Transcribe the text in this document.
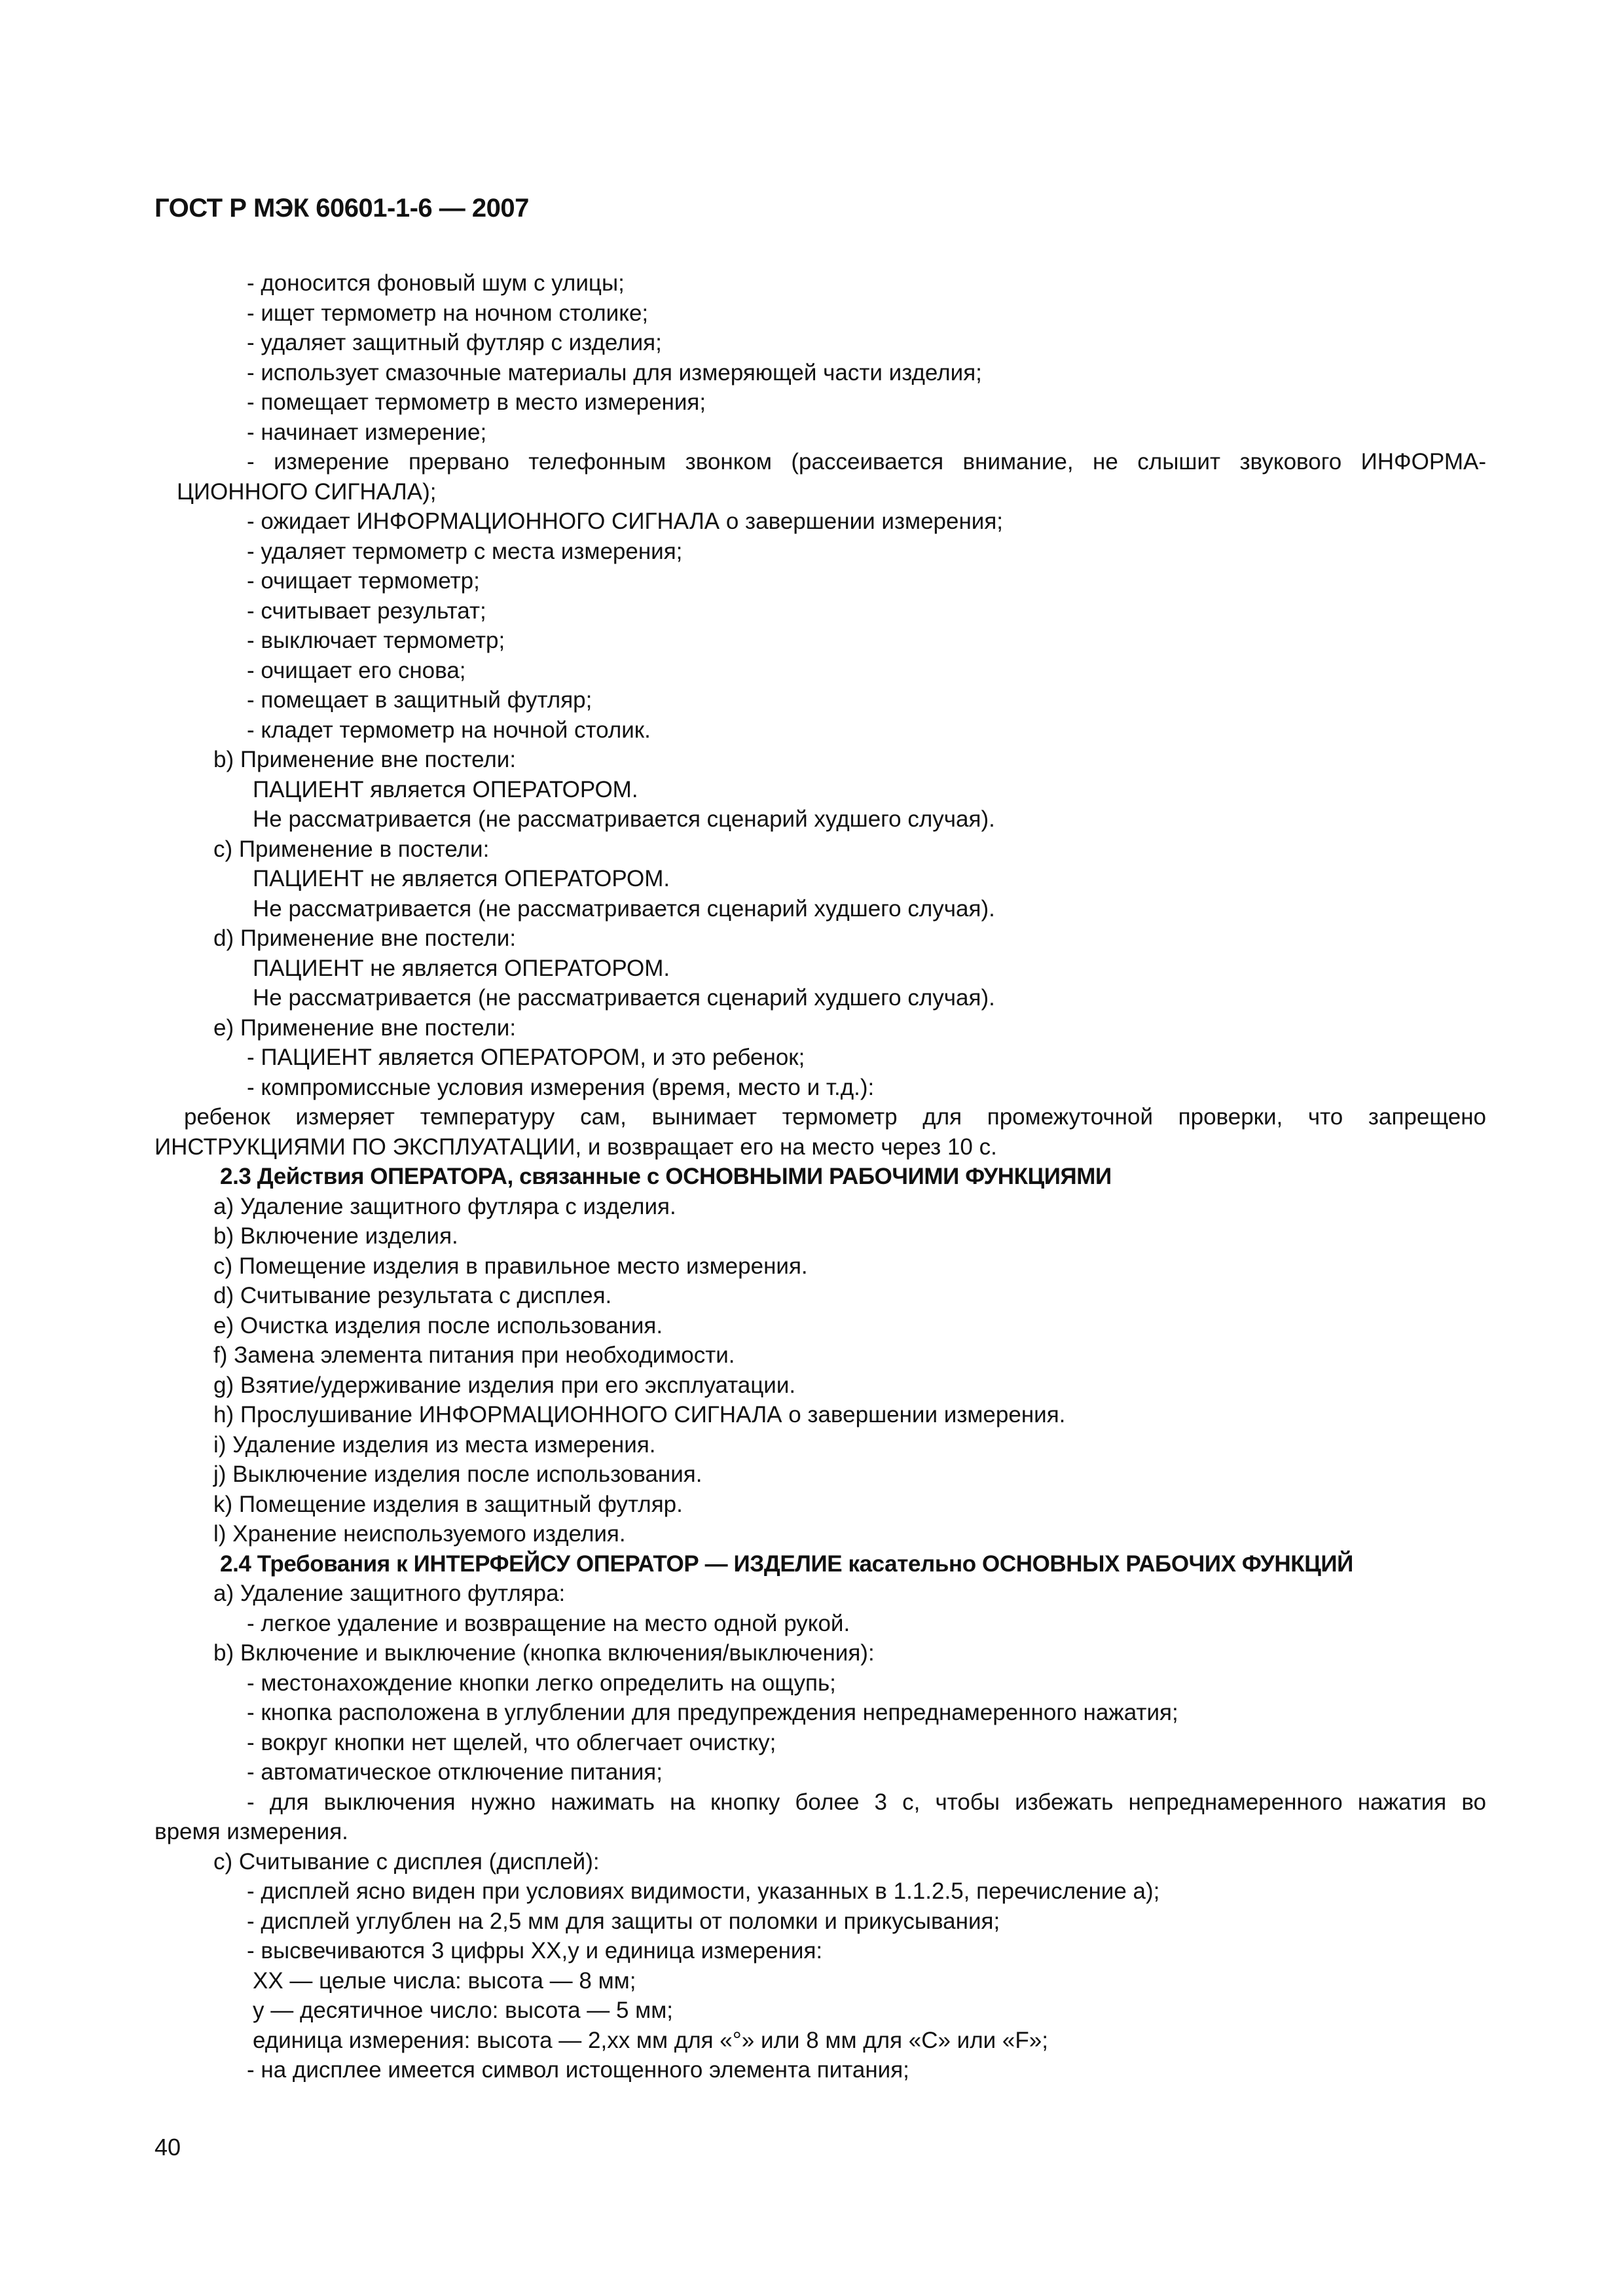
ГОСТ Р МЭК 60601-1-6 — 2007
- доносится фоновый шум с улицы;
- ищет термометр на ночном столике;
- удаляет защитный футляр с изделия;
- использует смазочные материалы для измеряющей части изделия;
- помещает термометр в место измерения;
- начинает измерение;
- измерение прервано телефонным звонком (рассеивается внимание, не слышит звукового ИНФОРМА-
ЦИОННОГО СИГНАЛА);
- ожидает ИНФОРМАЦИОННОГО СИГНАЛА о завершении измерения;
- удаляет термометр с места измерения;
- очищает термометр;
- считывает результат;
- выключает термометр;
- очищает его снова;
- помещает в защитный футляр;
- кладет термометр на ночной столик.
b) Применение вне постели:
ПАЦИЕНТ является ОПЕРАТОРОМ.
Не рассматривается (не рассматривается сценарий худшего случая).
c) Применение в постели:
ПАЦИЕНТ не является ОПЕРАТОРОМ.
Не рассматривается (не рассматривается сценарий худшего случая).
d) Применение вне постели:
ПАЦИЕНТ не является ОПЕРАТОРОМ.
Не рассматривается (не рассматривается сценарий худшего случая).
e) Применение вне постели:
- ПАЦИЕНТ является ОПЕРАТОРОМ, и это ребенок;
- компромиссные условия измерения (время, место и т.д.):
ребенок измеряет температуру сам, вынимает термометр для промежуточной проверки, что запрещено
ИНСТРУКЦИЯМИ ПО ЭКСПЛУАТАЦИИ, и возвращает его на место через 10 с.
2.3 Действия ОПЕРАТОРА, связанные с ОСНОВНЫМИ РАБОЧИМИ ФУНКЦИЯМИ
a) Удаление защитного футляра с изделия.
b) Включение изделия.
c) Помещение изделия в правильное место измерения.
d) Считывание результата с дисплея.
e) Очистка изделия после использования.
f) Замена элемента питания при необходимости.
g) Взятие/удерживание изделия при его эксплуатации.
h) Прослушивание ИНФОРМАЦИОННОГО СИГНАЛА о завершении измерения.
i) Удаление изделия из места измерения.
j) Выключение изделия после использования.
k) Помещение изделия в защитный футляр.
l) Хранение неиспользуемого изделия.
2.4 Требования к ИНТЕРФЕЙСУ ОПЕРАТОР — ИЗДЕЛИЕ касательно ОСНОВНЫХ РАБОЧИХ ФУНКЦИЙ
a) Удаление защитного футляра:
- легкое удаление и возвращение на место одной рукой.
b) Включение и выключение (кнопка включения/выключения):
- местонахождение кнопки легко определить на ощупь;
- кнопка расположена в углублении для предупреждения непреднамеренного нажатия;
- вокруг кнопки нет щелей, что облегчает очистку;
- автоматическое отключение питания;
- для выключения нужно нажимать на кнопку более 3 с, чтобы избежать непреднамеренного нажатия во
время измерения.
c) Считывание с дисплея (дисплей):
- дисплей ясно виден при условиях видимости, указанных в 1.1.2.5, перечисление a);
- дисплей углублен на 2,5 мм для защиты от поломки и прикусывания;
- высвечиваются 3 цифры XX,y и единица измерения:
XX — целые числа: высота — 8 мм;
y — десятичное число: высота — 5 мм;
единица измерения: высота — 2,xx мм для «°» или 8 мм для «С» или «F»;
- на дисплее имеется символ истощенного элемента питания;
40
